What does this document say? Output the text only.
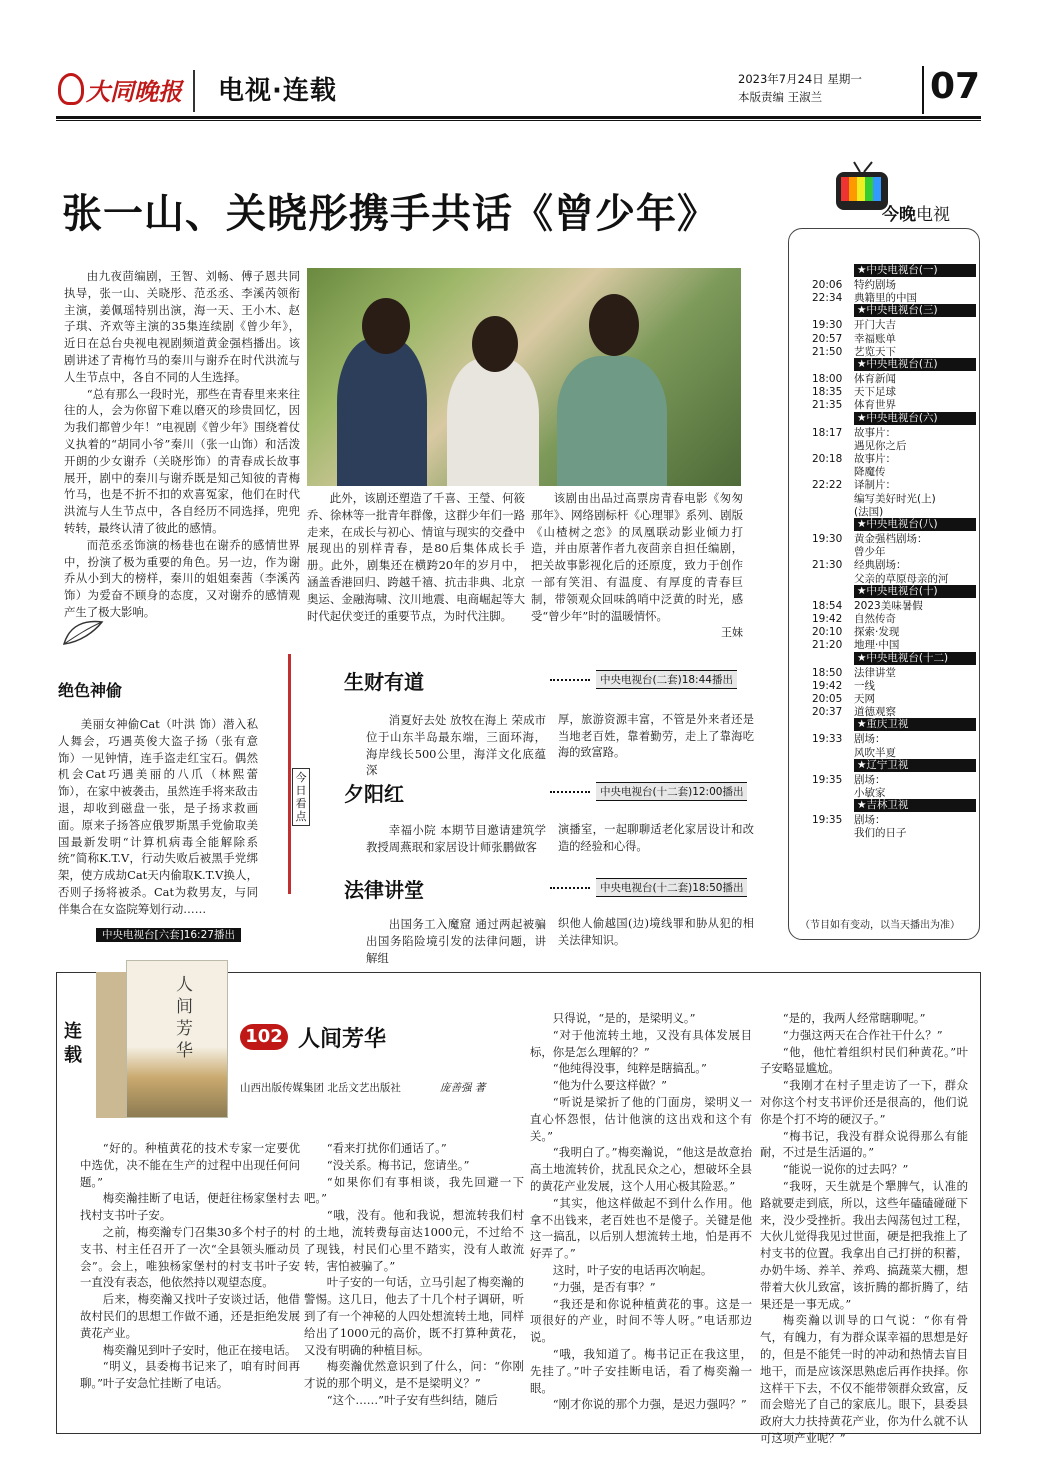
大同晚报 电视·连载	2023年7月24日 星期一
本版责编 王淑兰	07
张一山、关晓彤携手共话《曾少年》

由九夜茴编剧，王智、刘畅、傅子恩共同执导，张一山、关晓彤、范丞丞、李溪芮领衔主演，姜佩瑶特别出演，海一天、王小木、赵子琪、齐欢等主演的35集连续剧《曾少年》，近日在总台央视电视剧频道黄金强档播出。该剧讲述了青梅竹马的秦川与谢乔在时代洪流与人生节点中，各自不同的人生选择。

“总有那么一段时光，那些在青春里来来往往的人，会为你留下难以磨灭的珍贵回忆，因为我们都曾少年！”电视剧《曾少年》围绕着仗义执着的“胡同小爷”秦川（张一山饰）和活泼开朗的少女谢乔（关晓彤饰）的青春成长故事展开，剧中的秦川与谢乔既是知己知彼的青梅竹马，也是不折不扣的欢喜冤家，他们在时代洪流与人生节点中，各自经历不同选择，兜兜转转，最终认清了彼此的感情。

而范丞丞饰演的杨巷也在谢乔的感情世界中，扮演了极为重要的角色。另一边，作为谢乔从小到大的榜样，秦川的姐姐秦茜（李溪芮饰）为爱奋不顾身的态度，又对谢乔的感情观产生了极大影响。

此外，该剧还塑造了千喜、王瑩、何筱乔、徐林等一批青年群像，这群少年们一路走来，在成长与初心、情谊与现实的交叠中展现出的别样青春，是80后集体成长手册。此外，剧集还在横跨20年的岁月中，涵盖香港回归、跨越千禧、抗击非典、北京奥运、金融海啸、汶川地震、电商崛起等大时代起伏变迁的重要节点，为时代注脚。

该剧由出品过高票房青春电影《匆匆那年》、网络剧标杆《心理罪》系列、剧版《山楂树之恋》的凤凰联动影业倾力打造，并由原著作者九夜茴亲自担任编剧，把关故事影视化后的还原度，致力于创作一部有笑泪、有温度、有厚度的青春巨制，带领观众回味鸽哨中泛黄的时光，感受“曾少年”时的温暖情怀。

王妹
今晚电视
★中央电视台(一)
20:06	特约剧场
22:34	典籍里的中国
★中央电视台(三)
19:30	开门大吉
20:57	幸福账单
21:50	艺览天下
★中央电视台(五)
18:00	体育新闻
18:35	天下足球
21:35	体育世界
★中央电视台(六)
18:17	故事片：
遇见你之后
20:18	故事片：
降魔传
22:22	译制片：
编写美好时光(上)
(法国)
★中央电视台(八)
19:30	黄金强档剧场：
曾少年
21:30	经典剧场：
父亲的草原母亲的河
★中央电视台(十)
18:54	2023美味暑假
19:42	自然传奇
20:10	探索·发现
21:20	地理·中国
★中央电视台(十二)
18:50	法律讲堂
19:42	一线
20:05	天网
20:37	道德观察
★重庆卫视
19:33	剧场：
风吹半夏
★辽宁卫视
19:35	剧场：
小敏家
★吉林卫视
19:35	剧场：
我们的日子
（节目如有变动，以当天播出为准）
绝色神偷

美丽女神偷Cat（叶洪 饰）潜入私人舞会，巧遇英俊大盗子扬（张有意 饰）一见钟情，连手盗走红宝石。偶然机会Cat巧遇美丽的八爪（林熙蕾 饰），在家中被袭击，虽然连手将来敌击退，却收到磁盘一张，是子扬求救画面。原来子扬答应俄罗斯黑手党偷取美国最新发明“计算机病毒全能解除系统”简称K.T.V，行动失败后被黑手党绑架，使方成劫Cat天内偷取K.T.V换人，否则子扬将被杀。Cat为救男友，与同伴集合在女盗院筹划行动……

中央电视台[六套]16:27播出
今日看点
生财有道	中央电视台(二套)18:44播出

消夏好去处 放牧在海上 荣成市位于山东半岛最东端，三面环海，海岸线长500公里，海洋文化底蕴深

厚，旅游资源丰富，不管是外来者还是当地老百姓，靠着勤劳，走上了靠海吃海的致富路。

夕阳红	中央电视台(十二套)12:00播出

幸福小院 本期节目邀请建筑学教授周燕珉和家居设计师张鹏做客

演播室，一起聊聊适老化家居设计和改造的经验和心得。

法律讲堂	中央电视台(十二套)18:50播出

出国务工入魔窟 通过两起被骗出国务陷险境引发的法律问题，讲解组

织他人偷越国(边)境线罪和胁从犯的相关法律知识。

连载
人间芳华
102 人间芳华
山西出版传媒集团 北岳文艺出版社	庞善强 著

“好的。种植黄花的技术专家一定要优中选优，决不能在生产的过程中出现任何问题。”

梅奕瀚挂断了电话，便赶往杨家堡村去找村支书叶子安。

之前，梅奕瀚专门召集30多个村子的村支书、村主任召开了一次“全县领头雁动员会”。会上，唯独杨家堡村的村支书叶子安一直没有表态，他依然持以观望态度。

后来，梅奕瀚又找叶子安谈过话，他借故村民们的思想工作做不通，还是拒绝发展黄花产业。

梅奕瀚见到叶子安时，他正在接电话。

“明义，县委梅书记来了，咱有时间再聊。”叶子安急忙挂断了电话。

“看来打扰你们通话了。”

“没关系。梅书记，您请坐。”

“如果你们有事相谈，我先回避一下吧。”

“哦，没有。他和我说，想流转我们村的土地，流转费每亩达1000元，不过给不了现钱，村民们心里不踏实，没有人敢流转，害怕被骗了。”

叶子安的一句话，立马引起了梅奕瀚的警惕。这几日，他去了十几个村子调研，听到了有一个神秘的人四处想流转土地，同样给出了1000元的高价，既不打算种黄花，又没有明确的种植目标。

梅奕瀚优然意识到了什么，问：“你刚才说的那个明义，是不是梁明义？”

“这个……”叶子安有些纠结，随后

只得说，“是的，是梁明义。”

“对于他流转土地，又没有具体发展目标，你是怎么理解的？”

“他纯得没事，纯粹是瞎搞乱。”

“他为什么要这样做？”

“听说是梁折了他的门面房，梁明义一直心怀怨恨，估计他演的这出戏和这个有关。”

“我明白了。”梅奕瀚说，“他这是故意抬高土地流转价，扰乱民众之心，想破坏全县的黄花产业发展，这个人用心极其险恶。”

“其实，他这样做起不到什么作用。他拿不出钱来，老百姓也不是傻子。关键是他这一搞乱，以后别人想流转土地，怕是再不好弄了。”

这时，叶子安的电话再次响起。

“力强，是否有事？”

“我还是和你说种植黄花的事。这是一项很好的产业，时间不等人呀。”电话那边说。

“哦，我知道了。梅书记正在我这里，先挂了。”叶子安挂断电话，看了梅奕瀚一眼。

“刚才你说的那个力强，是迟力强吗？”

“是的，我两人经常瞎聊呢。”

“力强这两天在合作社干什么？”

“他，他忙着组织村民们种黄花。”叶子安略显尴尬。

“我刚才在村子里走访了一下，群众对你这个村支书评价还是很高的，他们说你是个打不垮的硬汉子。”

“梅书记，我没有群众说得那么有能耐，不过是生活逼的。”

“能说一说你的过去吗？”

“我呀，天生就是个犟脾气，认准的路就要走到底，所以，这些年磕磕碰碰下来，没少受挫折。我出去闯荡包过工程，大伙儿觉得我见过世面，硬是把我推上了村支书的位置。我拿出自己打拼的积蓄，办奶牛场、养羊、养鸡、搞蔬菜大棚，想带着大伙儿致富，该折腾的都折腾了，结果还是一事无成。”

梅奕瀚以训导的口气说：“你有骨气，有魄力，有为群众谋幸福的思想是好的，但是不能凭一时的冲动和热情去盲目地干，而是应该深思熟虑后再作抉择。你这样干下去，不仅不能带领群众致富，反而会赔光了自己的家底儿。眼下，县委县政府大力扶持黄花产业，你为什么就不认可这项产业呢？”
